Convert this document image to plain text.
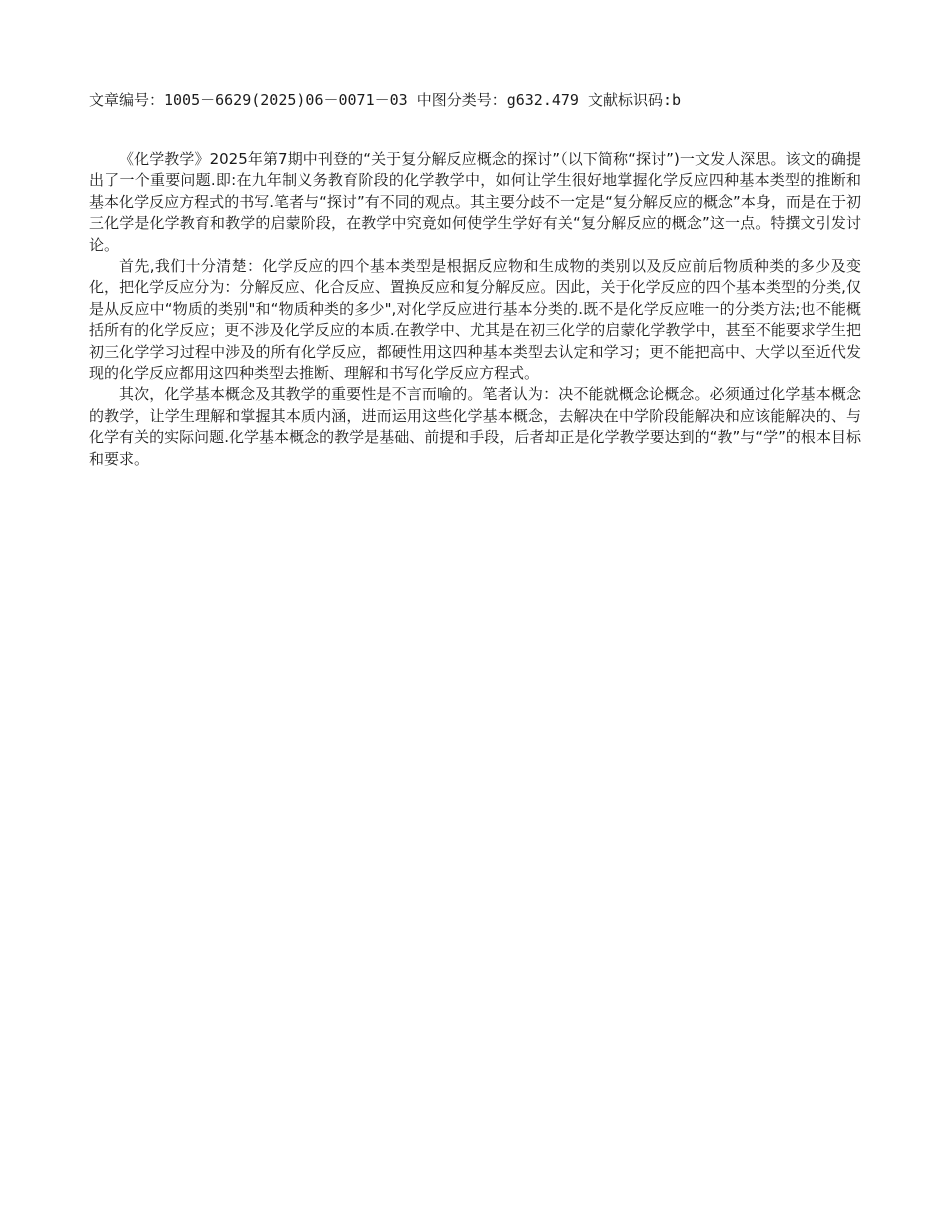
文章编号：1005－6629(2025)06－0071－03 中图分类号：g632.479 文献标识码:b

《化学教学》2025年第7期中刊登的“关于复分解反应概念的探讨”（以下简称“探讨”)一文发人深思。该文的确提出了一个重要问题.即:在九年制义务教育阶段的化学教学中，如何让学生很好地掌握化学反应四种基本类型的推断和基本化学反应方程式的书写.笔者与“探讨”有不同的观点。其主要分歧不一定是“复分解反应的概念”本身，而是在于初三化学是化学教育和教学的启蒙阶段，在教学中究竟如何使学生学好有关“复分解反应的概念”这一点。特撰文引发讨论。

首先,我们十分清楚：化学反应的四个基本类型是根据反应物和生成物的类别以及反应前后物质种类的多少及变化，把化学反应分为：分解反应、化合反应、置换反应和复分解反应。因此，关于化学反应的四个基本类型的分类,仅是从反应中“物质的类别"和“物质种类的多少",对化学反应进行基本分类的.既不是化学反应唯一的分类方法;也不能概括所有的化学反应；更不涉及化学反应的本质.在教学中、尤其是在初三化学的启蒙化学教学中，甚至不能要求学生把初三化学学习过程中涉及的所有化学反应，都硬性用这四种基本类型去认定和学习；更不能把高中、大学以至近代发现的化学反应都用这四种类型去推断、理解和书写化学反应方程式。

其次，化学基本概念及其教学的重要性是不言而喻的。笔者认为：决不能就概念论概念。必须通过化学基本概念的教学，让学生理解和掌握其本质内涵，进而运用这些化学基本概念，去解决在中学阶段能解决和应该能解决的、与化学有关的实际问题.化学基本概念的教学是基础、前提和手段，后者却正是化学教学要达到的“教”与“学”的根本目标和要求。
